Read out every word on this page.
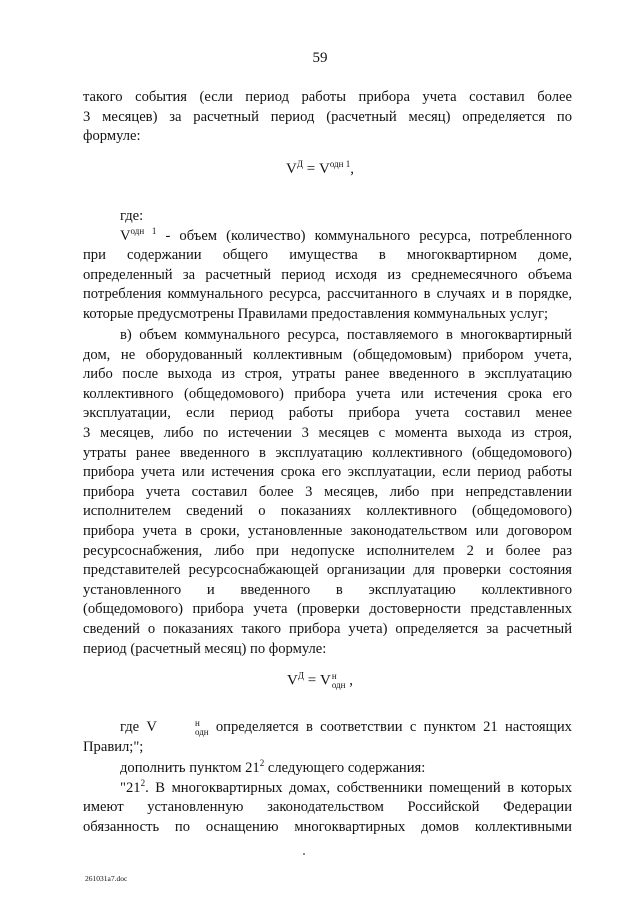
59

такого события (если период работы прибора учета составил более

3 месяцев) за расчетный период (расчетный месяц) определяется по

формуле:

$V^Д = V^{одн 1}$,

где:

$V^{одн 1}$ - объем (количество) коммунального ресурса, потребленного

при содержании общего имущества в многоквартирном доме,

определенный за расчетный период исходя из среднемесячного объема

потребления коммунального ресурса, рассчитанного в случаях и в порядке,

которые предусмотрены Правилами предоставления коммунальных услуг;

в) объем коммунального ресурса, поставляемого в многоквартирный

дом, не оборудованный коллективным (общедомовым) прибором учета,

либо после выхода из строя, утраты ранее введенного в эксплуатацию

коллективного (общедомового) прибора учета или истечения срока его

эксплуатации, если период работы прибора учета составил менее

3 месяцев, либо по истечении 3 месяцев с момента выхода из строя,

утраты ранее введенного в эксплуатацию коллективного (общедомового)

прибора учета или истечения срока его эксплуатации, если период работы

прибора учета составил более 3 месяцев, либо при непредставлении

исполнителем сведений о показаниях коллективного (общедомового)

прибора учета в сроки, установленные законодательством или договором

ресурсоснабжения, либо при недопуске исполнителем 2 и более раз

представителей ресурсоснабжающей организации для проверки состояния

установленного и введенного в эксплуатацию коллективного

(общедомового) прибора учета (проверки достоверности представленных

сведений о показаниях такого прибора учета) определяется за расчетный

период (расчетный месяц) по формуле:

$V^Д = V$ н
одн ,

где V	н
одн определяется в соответствии с пунктом 21 настоящих

Правил;";

дополнить пунктом $21^2$ следующего содержания:

"$21^2$. В многоквартирных домах, собственники помещений в которых

имеют установленную законодательством Российской Федерации

обязанность по оснащению многоквартирных домов коллективными

261031a7.doc
